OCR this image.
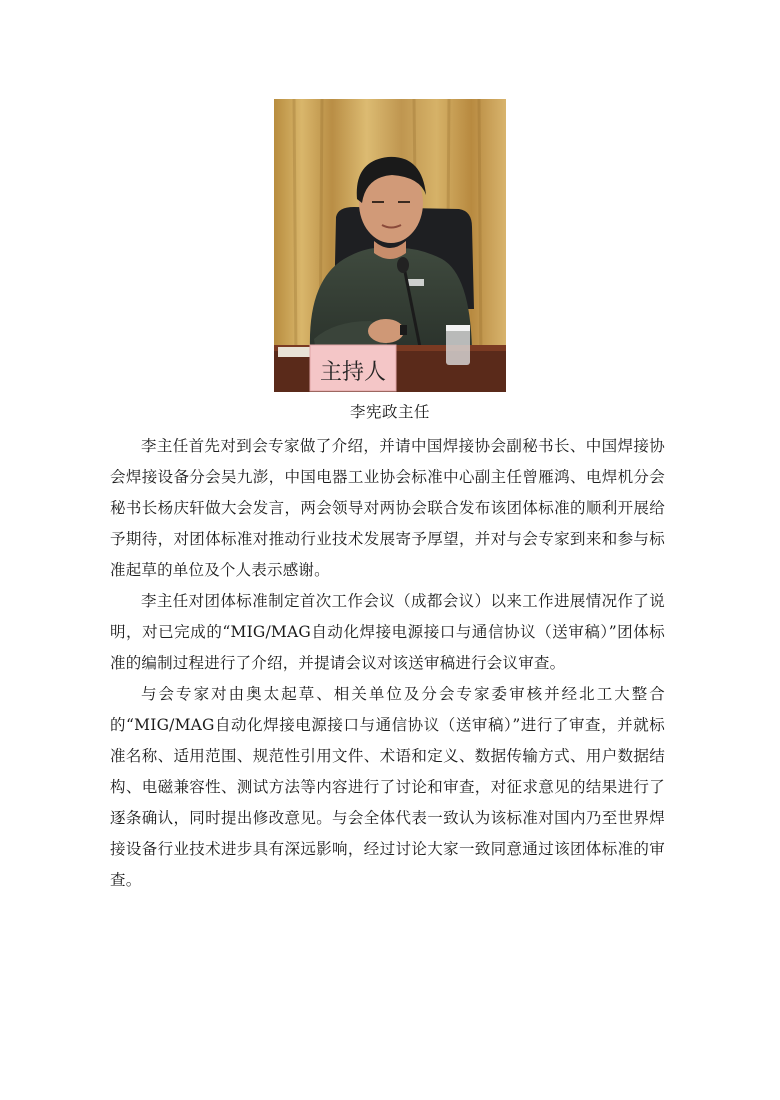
主持人
李宪政主任

李主任首先对到会专家做了介绍，并请中国焊接协会副秘书长、中国焊接协会焊接设备分会吴九澎，中国电器工业协会标准中心副主任曾雁鸿、电焊机分会秘书长杨庆轩做大会发言，两会领导对两协会联合发布该团体标准的顺利开展给予期待，对团体标准对推动行业技术发展寄予厚望，并对与会专家到来和参与标准起草的单位及个人表示感谢。

李主任对团体标准制定首次工作会议（成都会议）以来工作进展情况作了说明，对已完成的“MIG/MAG自动化焊接电源接口与通信协议（送审稿）”团体标准的编制过程进行了介绍，并提请会议对该送审稿进行会议审查。

与会专家对由奥太起草、相关单位及分会专家委审核并经北工大整合的“MIG/MAG自动化焊接电源接口与通信协议（送审稿）”进行了审查，并就标准名称、适用范围、规范性引用文件、术语和定义、数据传输方式、用户数据结构、电磁兼容性、测试方法等内容进行了讨论和审查，对征求意见的结果进行了逐条确认，同时提出修改意见。与会全体代表一致认为该标准对国内乃至世界焊接设备行业技术进步具有深远影响，经过讨论大家一致同意通过该团体标准的审查。
